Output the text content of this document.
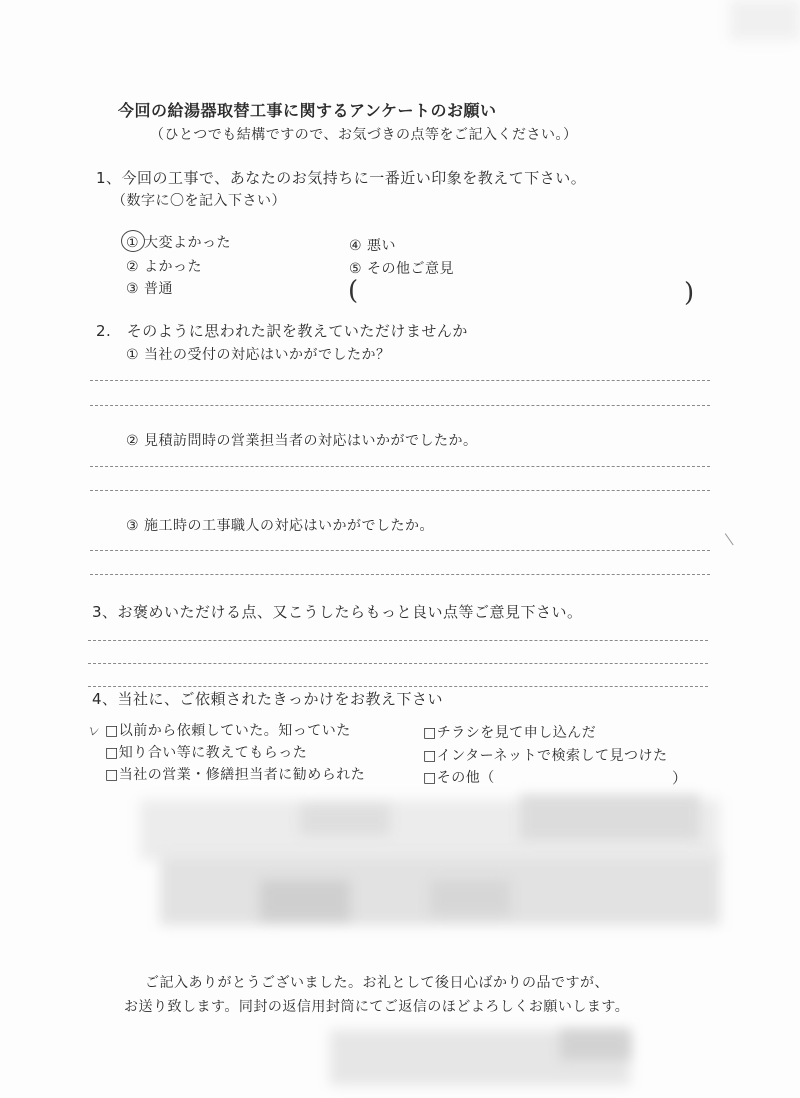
今回の給湯器取替工事に関するアンケートのお願い
（ひとつでも結構ですので、お気づきの点等をご記入ください。）
1、今回の工事で、あなたのお気持ちに一番近い印象を教えて下さい。
（数字に〇を記入下さい）
① 大変よかった
② よかった
③ 普通
④ 悪い
⑤ その他ご意見
(	)
2.　そのように思われた訳を教えていただけませんか
① 当社の受付の対応はいかがでしたか？
② 見積訪問時の営業担当者の対応はいかがでしたか。
③ 施工時の工事職人の対応はいかがでしたか。
3、お褒めいただける点、又こうしたらもっと良い点等ご意見下さい。
4、当社に、ご依頼されたきっかけをお教え下さい
レ □以前から依頼していた。知っていた
□知り合い等に教えてもらった
□当社の営業・修繕担当者に勧められた
□チラシを見て申し込んだ
□インターネットで検索して見つけた
□その他（	）
ご記入ありがとうございました。お礼として後日心ばかりの品ですが、
お送り致します。同封の返信用封筒にてご返信のほどよろしくお願いします。
